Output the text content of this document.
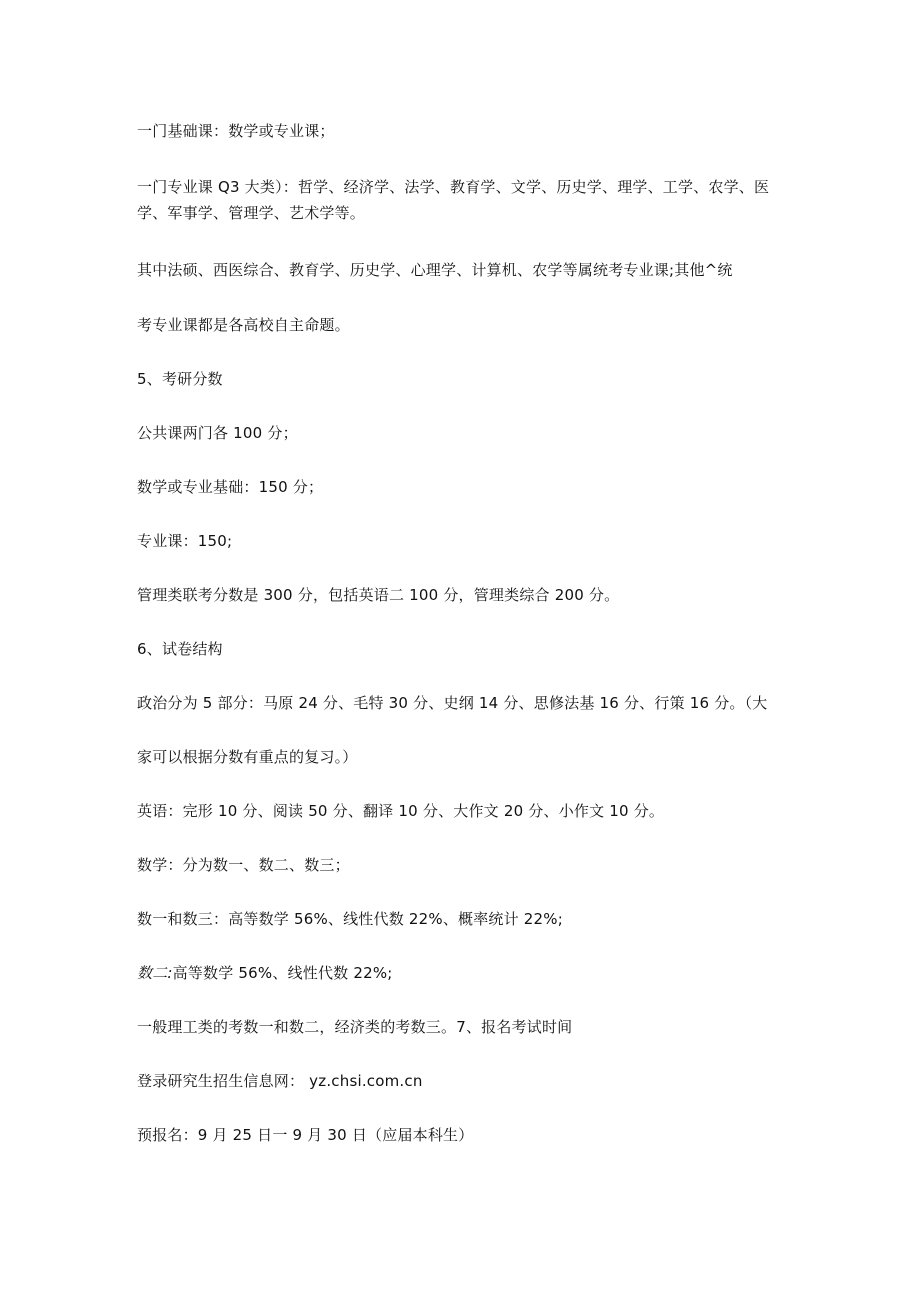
一门基础课：数学或专业课；
一门专业课 Q3 大类）：哲学、经济学、法学、教育学、文学、历史学、理学、工学、农学、医学、军事学、管理学、艺术学等。
其中法硕、西医综合、教育学、历史学、心理学、计算机、农学等属统考专业课;其他^统
考专业课都是各高校自主命题。
5、考研分数
公共课两门各 100 分；
数学或专业基础：150 分；
专业课：150;
管理类联考分数是 300 分，包括英语二 100 分，管理类综合 200 分。
6、试卷结构
政治分为 5 部分：马原 24 分、毛特 30 分、史纲 14 分、思修法基 16 分、行策 16 分。（大
家可以根据分数有重点的复习。）
英语：完形 10 分、阅读 50 分、翻译 10 分、大作文 20 分、小作文 10 分。
数学：分为数一、数二、数三；
数一和数三：高等数学 56%、线性代数 22%、概率统计 22%;
数二:高等数学 56%、线性代数 22%;
一般理工类的考数一和数二，经济类的考数三。7、报名考试时间
登录研究生招生信息网： yz.chsi.com.cn
预报名：9 月 25 日一 9 月 30 日（应届本科生）
